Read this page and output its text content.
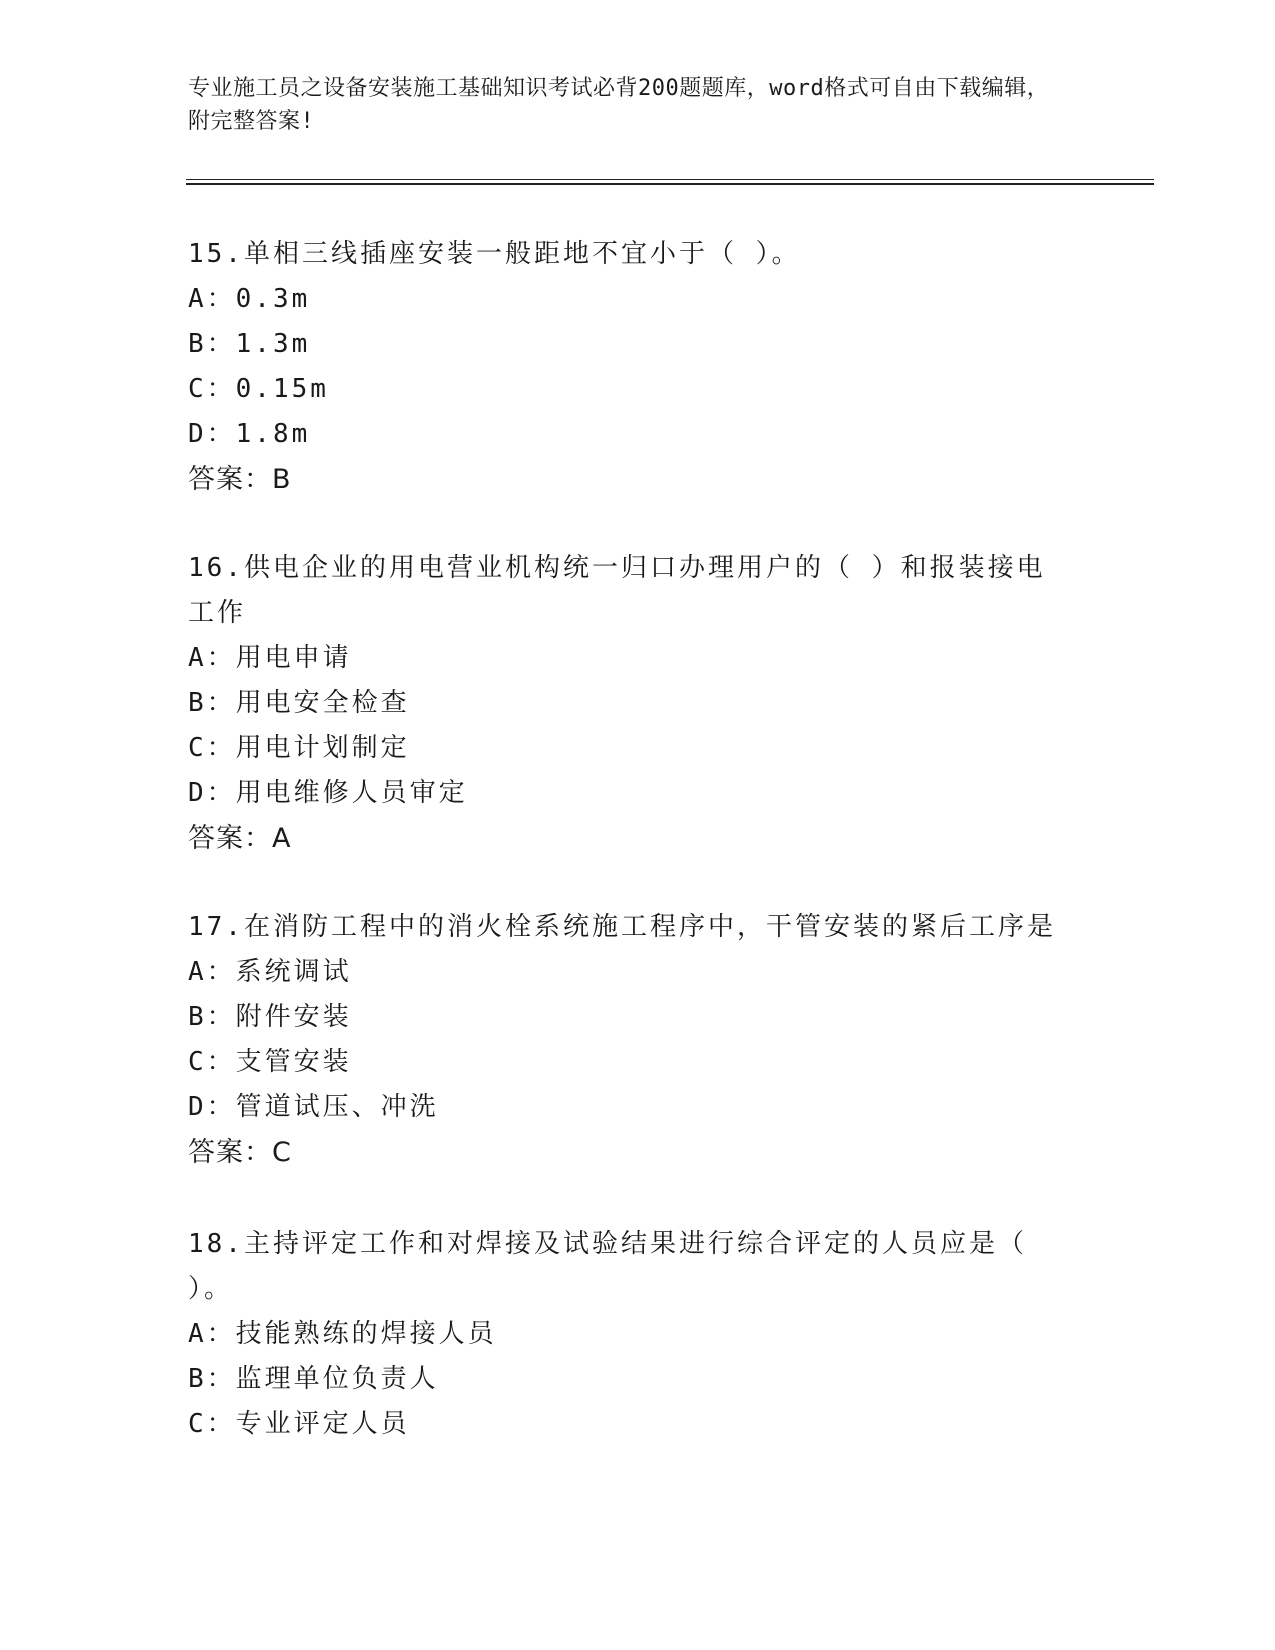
专业施工员之设备安装施工基础知识考试必背200题题库，word格式可自由下载编辑，附完整答案!
15.单相三线插座安装一般距地不宜小于（ ）。
A：0.3m
B：1.3m
C：0.15m
D：1.8m
答案：B
16.供电企业的用电营业机构统一归口办理用户的（ ）和报装接电工作
A：用电申请
B：用电安全检查
C：用电计划制定
D：用电维修人员审定
答案：A
17.在消防工程中的消火栓系统施工程序中，干管安装的紧后工序是
A：系统调试
B：附件安装
C：支管安装
D：管道试压、冲洗
答案：C
18.主持评定工作和对焊接及试验结果进行综合评定的人员应是（ ）。
A：技能熟练的焊接人员
B：监理单位负责人
C：专业评定人员
